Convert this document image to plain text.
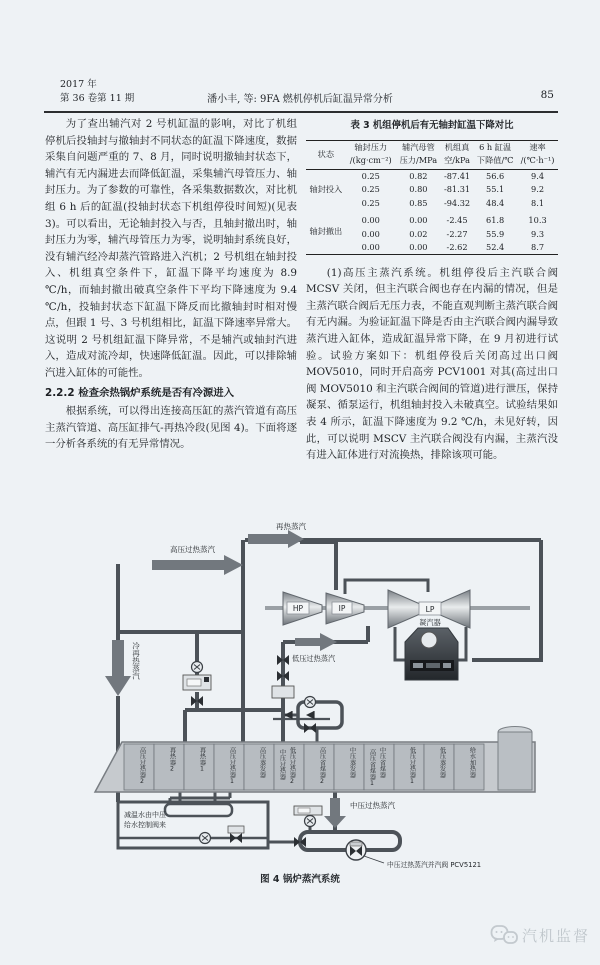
2017 年
第 36 卷第 11 期	潘小丰, 等: 9FA 燃机停机后缸温异常分析	85

为了查出辅汽对 2 号机缸温的影响，对比了机组停机后投轴封与撤轴封不同状态的缸温下降速度，数据采集自问题严重的 7、8 月，同时说明撤轴封状态下，辅汽有无内漏进去而降低缸温，采集辅汽母管压力、轴封压力。为了参数的可靠性，各采集数据数次，对比机组 6 h 后的缸温(投轴封状态下机组停役时间短)(见表 3)。可以看出，无论轴封投入与否，且轴封撤出时，轴封压力为零，辅汽母管压力为零，说明轴封系统良好，没有辅汽经冷却蒸汽管路进入汽机；2 号机组在轴封投入、机组真空条件下，缸温下降平均速度为 8.9 ℃/h，而轴封撤出破真空条件下平均下降速度为 9.4 ℃/h，投轴封状态下缸温下降反而比撤轴封时相对慢点，但跟 1 号、3 号机组相比，缸温下降速率异常大。这说明 2 号机组缸温下降异常，不是辅汽或轴封汽进入，造成对流冷却，快速降低缸温。因此，可以排除辅汽进入缸体的可能性。

2.2.2 检查余热锅炉系统是否有冷源进入

根据系统，可以得出连接高压缸的蒸汽管道有高压主蒸汽管道、高压缸排气-再热冷段(见图 4)。下面将逐一分析各系统的有无异常情况。

表 3 机组停机后有无轴封缸温下降对比

状态	轴封压力	辅汽母管	机组真	6 h 缸温	速率
	/(kg·cm⁻²)	压力/MPa	空/kPa	下降值/℃	/(℃·h⁻¹)
轴封投入	0.25	0.82	-87.41	56.6	9.4
	0.25	0.80	-81.31	55.1	9.2
	0.25	0.85	-94.32	48.4	8.1
轴封撤出	0.00	0.00	-2.45	61.8	10.3
	0.00	0.02	-2.27	55.9	9.3
	0.00	0.00	-2.62	52.4	8.7

(1)高压主蒸汽系统。机组停役后主汽联合阀 MCSV 关闭，但主汽联合阀也存在内漏的情况，但是主蒸汽联合阀后无压力表，不能直观判断主蒸汽联合阀有无内漏。为验证缸温下降是否由主汽联合阀内漏导致蒸汽进入缸体，造成缸温异常下降，在 9 月初进行试验。试验方案如下：机组停役后关闭高过出口阀 MOV5010，同时开启高旁 PCV1001 对其(高过出口阀 MOV5010 和主汽联合阀间的管道)进行泄压，保持凝泵、循泵运行，机组轴封投入未破真空。试验结果如表 4 所示，缸温下降速度为 9.2 ℃/h，未见好转，因此，可以说明 MSCV 主汽联合阀没有内漏，主蒸汽没有进入缸体进行对流换热，排除该项可能。

HP	IP	LP
凝汽器
高压过热器2	再热器2	再热器1	高压过热器1	高压蒸发器	低压过热器2
中压过热器	高压省煤器2	中压蒸发器	中压省煤器
高压省煤器1	低压过热器1	低压蒸发器	给水加热器
再热蒸汽
高压过热蒸汽
冷再热蒸汽	低压过热蒸汽
中压过热蒸汽
减温水由中压
给水控制阀来
中压过热蒸汽并汽阀 PCV5121
图 4 锅炉蒸汽系统
汽机监督
